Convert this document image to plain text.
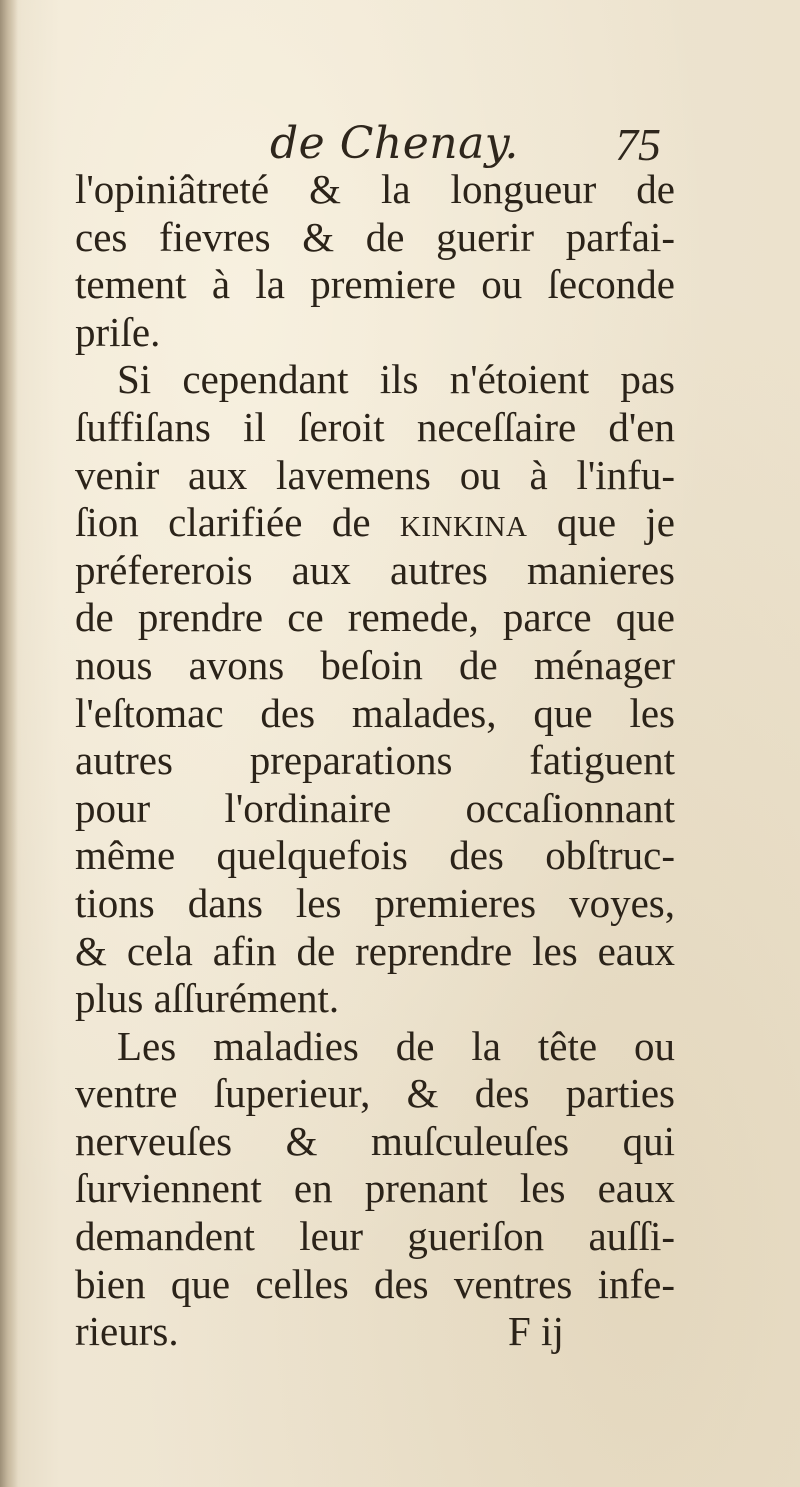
de Chenay. 75
l'opiniâtreté & la longueur de
ces fievres & de guerir parfai-
tement à la premiere ou ſeconde
priſe.
Si cependant ils n'étoient pas
ſuffiſans il ſeroit neceſſaire d'en
venir aux lavemens ou à l'infu-
ſion clarifiée de kinkina que je
préfererois aux autres manieres
de prendre ce remede, parce que
nous avons beſoin de ménager
l'eſtomac des malades, que les
autres preparations fatiguent
pour l'ordinaire occaſionnant
même quelquefois des obſtruc-
tions dans les premieres voyes,
& cela afin de reprendre les eaux
plus aſſurément.
Les maladies de la tête ou
ventre ſuperieur, & des parties
nerveuſes & muſculeuſes qui
ſurviennent en prenant les eaux
demandent leur gueriſon auſſi-
bien que celles des ventres infe-
rieurs.	F ij
